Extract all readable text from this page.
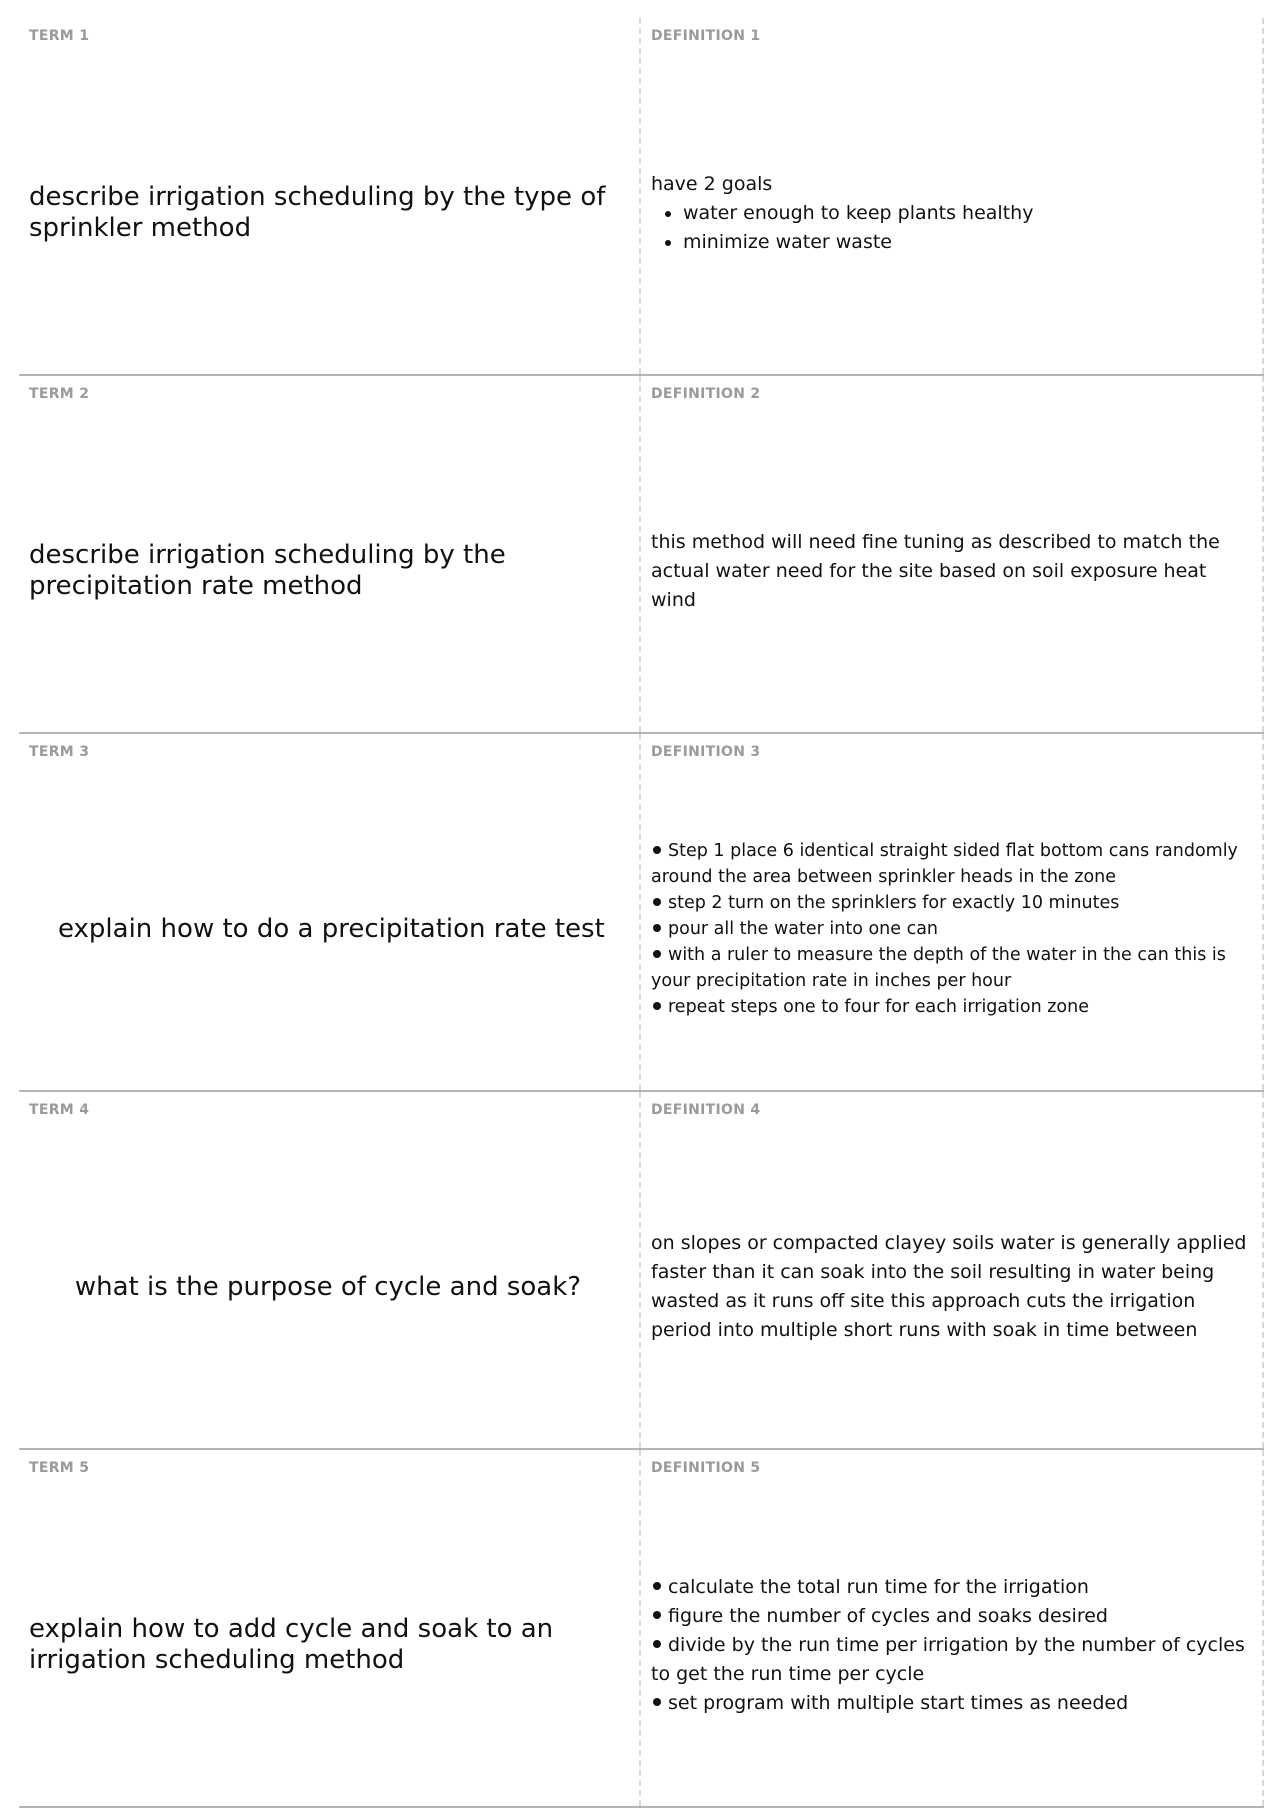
TERM 1
describe irrigation scheduling by the type of sprinkler method
DEFINITION 1

have 2 goals

• water enough to keep plants healthy
• minimize water waste
TERM 2
describe irrigation scheduling by the precipitation rate method
DEFINITION 2
this method will need fine tuning as described to match the actual water need for the site based on soil exposure heat wind
TERM 3
explain how to do a precipitation rate test
DEFINITION 3

Step 1 place 6 identical straight sided flat bottom cans randomly around the area between sprinkler heads in the zone

step 2 turn on the sprinklers for exactly 10 minutes

pour all the water into one can

with a ruler to measure the depth of the water in the can this is your precipitation rate in inches per hour

repeat steps one to four for each irrigation zone

TERM 4
what is the purpose of cycle and soak?
DEFINITION 4
on slopes or compacted clayey soils water is generally applied faster than it can soak into the soil resulting in water being wasted as it runs off site this approach cuts the irrigation period into multiple short runs with soak in time between
TERM 5
explain how to add cycle and soak to an irrigation scheduling method
DEFINITION 5

calculate the total run time for the irrigation

figure the number of cycles and soaks desired

divide by the run time per irrigation by the number of cycles to get the run time per cycle

set program with multiple start times as needed
